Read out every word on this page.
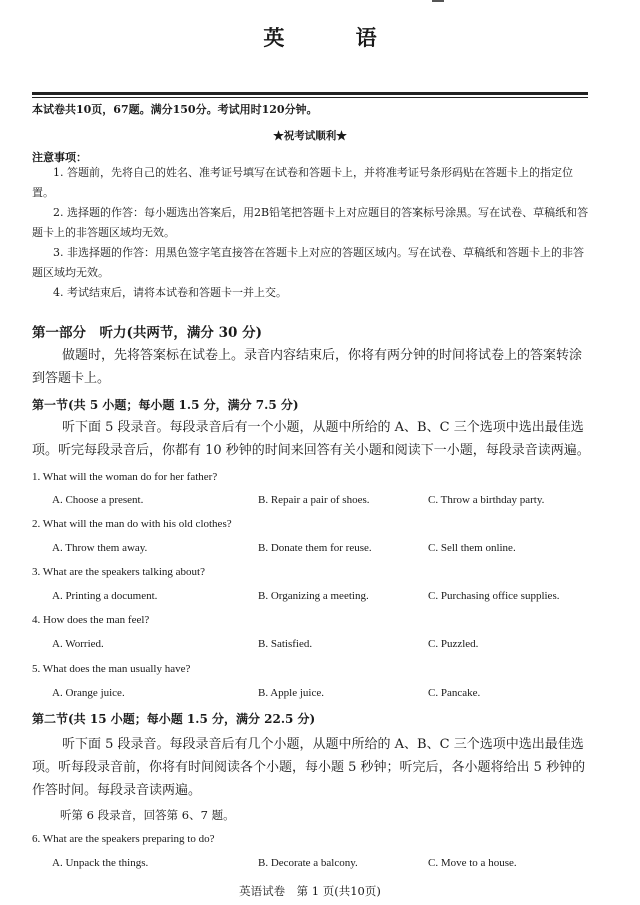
英 语
本试卷共10页，67题。满分150分。考试用时120分钟。
★祝考试顺利★
注意事项：
1. 答题前，先将自己的姓名、准考证号填写在试卷和答题卡上，并将准考证号条形码贴在答题卡上的指定位置。
2. 选择题的作答：每小题选出答案后，用2B铅笔把答题卡上对应题目的答案标号涂黑。写在试卷、草稿纸和答题卡上的非答题区域均无效。
3. 非选择题的作答：用黑色签字笔直接答在答题卡上对应的答题区域内。写在试卷、草稿纸和答题卡上的非答题区域均无效。
4. 考试结束后，请将本试卷和答题卡一并上交。
第一部分　听力(共两节，满分 30 分)
做题时，先将答案标在试卷上。录音内容结束后，你将有两分钟的时间将试卷上的答案转涂到答题卡上。
第一节(共 5 小题；每小题 1.5 分，满分 7.5 分)
听下面 5 段录音。每段录音后有一个小题，从题中所给的 A、B、C 三个选项中选出最佳选项。听完每段录音后，你都有 10 秒钟的时间来回答有关小题和阅读下一小题，每段录音读两遍。
1. What will the woman do for her father?
A. Choose a present.	B. Repair a pair of shoes.	C. Throw a birthday party.
2. What will the man do with his old clothes?
A. Throw them away.	B. Donate them for reuse.	C. Sell them online.
3. What are the speakers talking about?
A. Printing a document.	B. Organizing a meeting.	C. Purchasing office supplies.
4. How does the man feel?
A. Worried.	B. Satisfied.	C. Puzzled.
5. What does the man usually have?
A. Orange juice.	B. Apple juice.	C. Pancake.
第二节(共 15 小题；每小题 1.5 分，满分 22.5 分)
听下面 5 段录音。每段录音后有几个小题，从题中所给的 A、B、C 三个选项中选出最佳选项。听每段录音前，你将有时间阅读各个小题，每小题 5 秒钟；听完后，各小题将给出 5 秒钟的作答时间。每段录音读两遍。
听第 6 段录音，回答第 6、7 题。
6. What are the speakers preparing to do?
A. Unpack the things.	B. Decorate a balcony.	C. Move to a house.
英语试卷　第 1 页(共10页)
